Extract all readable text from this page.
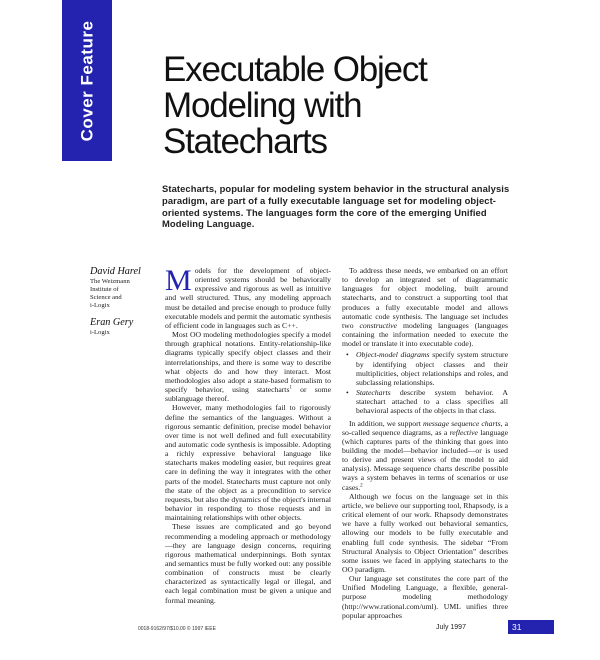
Cover Feature Executable Object
Modeling with
Statecharts
Statecharts, popular for modeling system behavior in the structural analysis paradigm, are part of a fully executable language set for modeling object-oriented systems. The languages form the core of the emerging Unified Modeling Language.
David Harel
The Weizmann
Institute of
Science and
i-Logix
Eran Gery
i-Logix

Models for the development of object-oriented systems should be behaviorally expressive and rigorous as well as intuitive and well structured. Thus, any modeling approach must be detailed and precise enough to produce fully executable models and permit the automatic synthesis of efficient code in languages such as C++.

Most OO modeling methodologies specify a model through graphical notations. Entity-relationship-like diagrams typically specify object classes and their interrelationships, and there is some way to describe what objects do and how they interact. Most methodologies also adopt a state-based formalism to specify behavior, using statecharts$^1$ or some sublanguage thereof.

However, many methodologies fail to rigorously define the semantics of the languages. Without a rigorous semantic definition, precise model behavior over time is not well defined and full executability and automatic code synthesis is impossible. Adopting a richly expressive behavioral language like statecharts makes modeling easier, but requires great care in defining the way it integrates with the other parts of the model. Statecharts must capture not only the state of the object as a precondition to service requests, but also the dynamics of the object's internal behavior in responding to those requests and in maintaining relationships with other objects.

These issues are complicated and go beyond recommending a modeling approach or methodology—they are language design concerns, requiring rigorous mathematical underpinnings. Both syntax and semantics must be fully worked out: any possible combination of constructs must be clearly characterized as syntactically legal or illegal, and each legal combination must be given a unique and formal meaning.

To address these needs, we embarked on an effort to develop an integrated set of diagrammatic languages for object modeling, built around statecharts, and to construct a supporting tool that produces a fully executable model and allows automatic code synthesis. The language set includes two constructive modeling languages (languages containing the information needed to execute the model or translate it into executable code).

• Object-model diagrams specify system structure by identifying object classes and their multiplicities, object relationships and roles, and subclassing relationships.
• Statecharts describe system behavior. A statechart attached to a class specifies all behavioral aspects of the objects in that class.

In addition, we support message sequence charts, a so-called sequence diagrams, as a reflective language (which captures parts of the thinking that goes into building the model—behavior included—or is used to derive and present views of the model to aid analysis). Message sequence charts describe possible ways a system behaves in terms of scenarios or use cases.$^2$

Although we focus on the language set in this article, we believe our supporting tool, Rhapsody, is a critical element of our work. Rhapsody demonstrates we have a fully worked out behavioral semantics, allowing our models to be fully executable and enabling full code synthesis. The sidebar “From Structural Analysis to Object Orientation” describes some issues we faced in applying statecharts to the OO paradigm.

Our language set constitutes the core part of the Unified Modeling Language, a flexible, general-purpose modeling methodology (http://www.rational.com/uml). UML unifies three popular approaches

0018-9162/97/$10.00 © 1997 IEEE	July 1997	31
